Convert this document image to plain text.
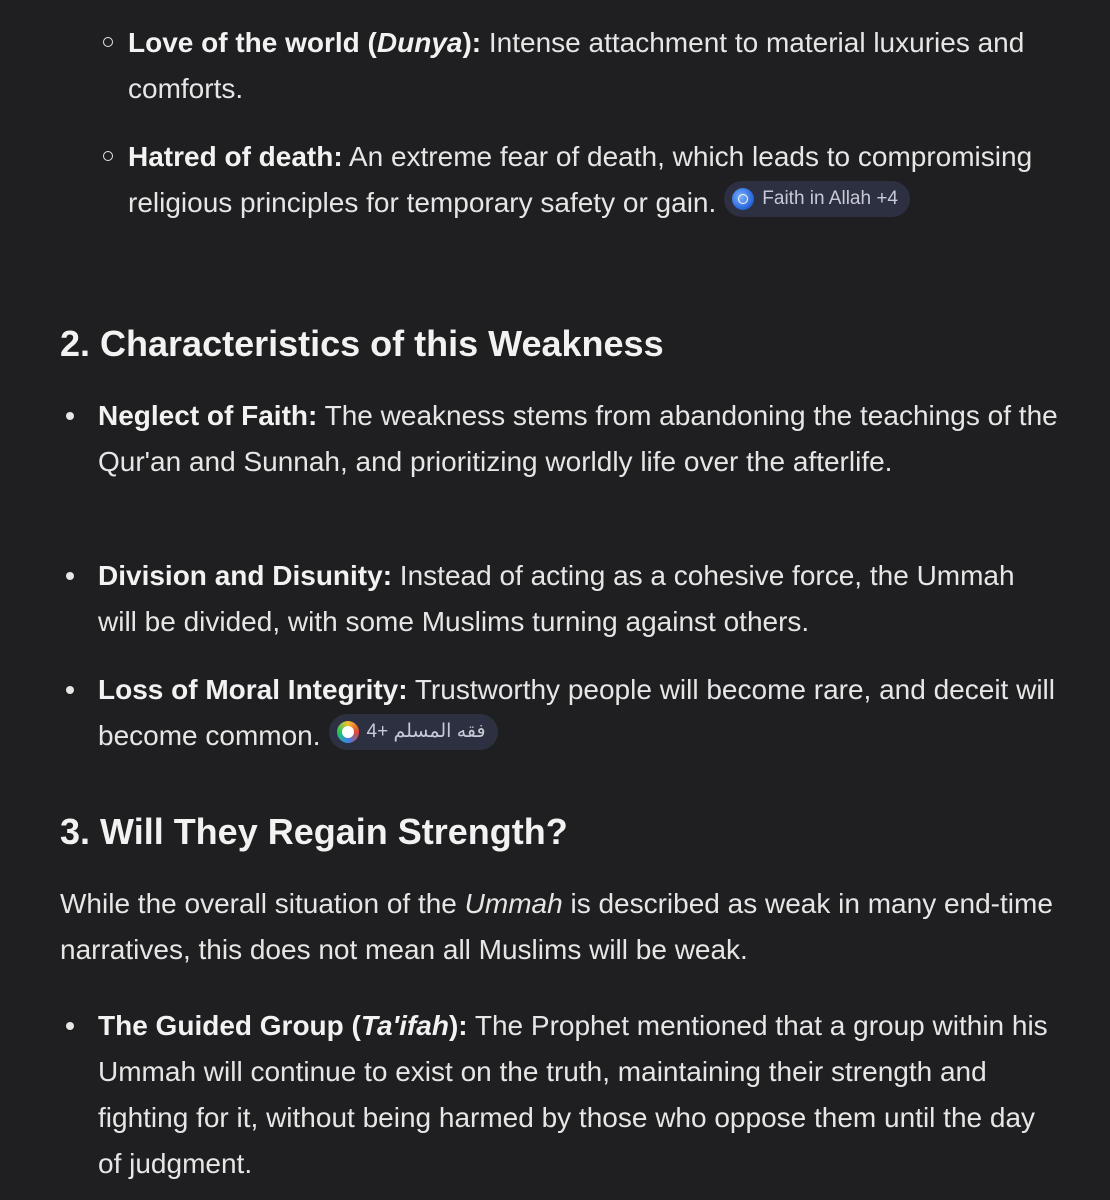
Love of the world (Dunya): Intense attachment to material luxuries and comforts.
Hatred of death: An extreme fear of death, which leads to compromising religious principles for temporary safety or gain. Faith in Allah +4
2. Characteristics of this Weakness
Neglect of Faith: The weakness stems from abandoning the teachings of the Qur'an and Sunnah, and prioritizing worldly life over the afterlife.
Division and Disunity: Instead of acting as a cohesive force, the Ummah will be divided, with some Muslims turning against others.
Loss of Moral Integrity: Trustworthy people will become rare, and deceit will become common. فقه المسلم +4
3. Will They Regain Strength?

While the overall situation of the Ummah is described as weak in many end-time narratives, this does not mean all Muslims will be weak.

The Guided Group (Ta'ifah): The Prophet mentioned that a group within his Ummah will continue to exist on the truth, maintaining their strength and fighting for it, without being harmed by those who oppose them until the day of judgment.
